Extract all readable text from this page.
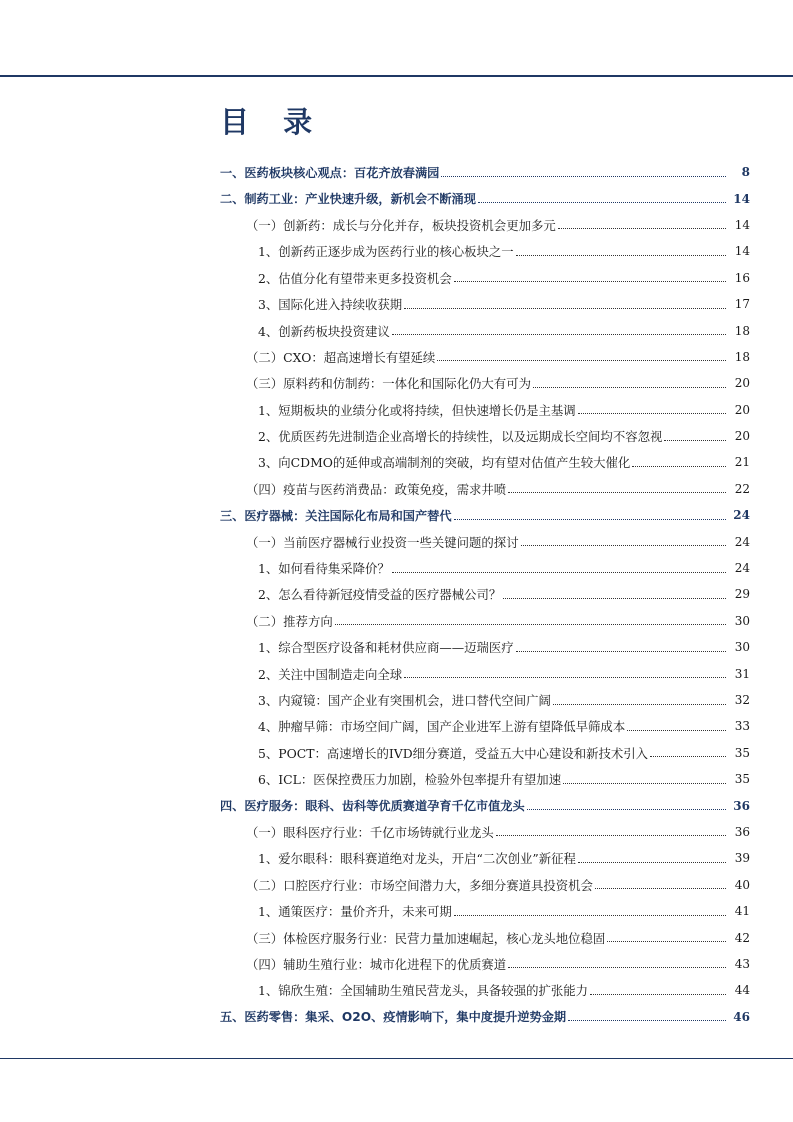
目 录
一、医药板块核心观点：百花齐放春满园	8
二、制药工业：产业快速升级，新机会不断涌现	14
（一）创新药：成长与分化并存，板块投资机会更加多元	14
1、创新药正逐步成为医药行业的核心板块之一	14
2、估值分化有望带来更多投资机会	16
3、国际化进入持续收获期	17
4、创新药板块投资建议	18
（二）CXO：超高速增长有望延续	18
（三）原料药和仿制药：一体化和国际化仍大有可为	20
1、短期板块的业绩分化或将持续，但快速增长仍是主基调	20
2、优质医药先进制造企业高增长的持续性，以及远期成长空间均不容忽视	20
3、向CDMO的延伸或高端制剂的突破，均有望对估值产生较大催化	21
（四）疫苗与医药消费品：政策免疫，需求井喷	22
三、医疗器械：关注国际化布局和国产替代	24
（一）当前医疗器械行业投资一些关键问题的探讨	24
1、如何看待集采降价？	24
2、怎么看待新冠疫情受益的医疗器械公司？	29
（二）推荐方向	30
1、综合型医疗设备和耗材供应商——迈瑞医疗	30
2、关注中国制造走向全球	31
3、内窥镜：国产企业有突围机会，进口替代空间广阔	32
4、肿瘤早筛：市场空间广阔，国产企业进军上游有望降低早筛成本	33
5、POCT：高速增长的IVD细分赛道，受益五大中心建设和新技术引入	35
6、ICL：医保控费压力加剧，检验外包率提升有望加速	35
四、医疗服务：眼科、齿科等优质赛道孕育千亿市值龙头	36
（一）眼科医疗行业：千亿市场铸就行业龙头	36
1、爱尔眼科：眼科赛道绝对龙头，开启“二次创业”新征程	39
（二）口腔医疗行业：市场空间潜力大，多细分赛道具投资机会	40
1、通策医疗：量价齐升，未来可期	41
（三）体检医疗服务行业：民营力量加速崛起，核心龙头地位稳固	42
（四）辅助生殖行业：城市化进程下的优质赛道	43
1、锦欣生殖：全国辅助生殖民营龙头，具备较强的扩张能力	44
五、医药零售：集采、O2O、疫情影响下，集中度提升逆势金期	46
